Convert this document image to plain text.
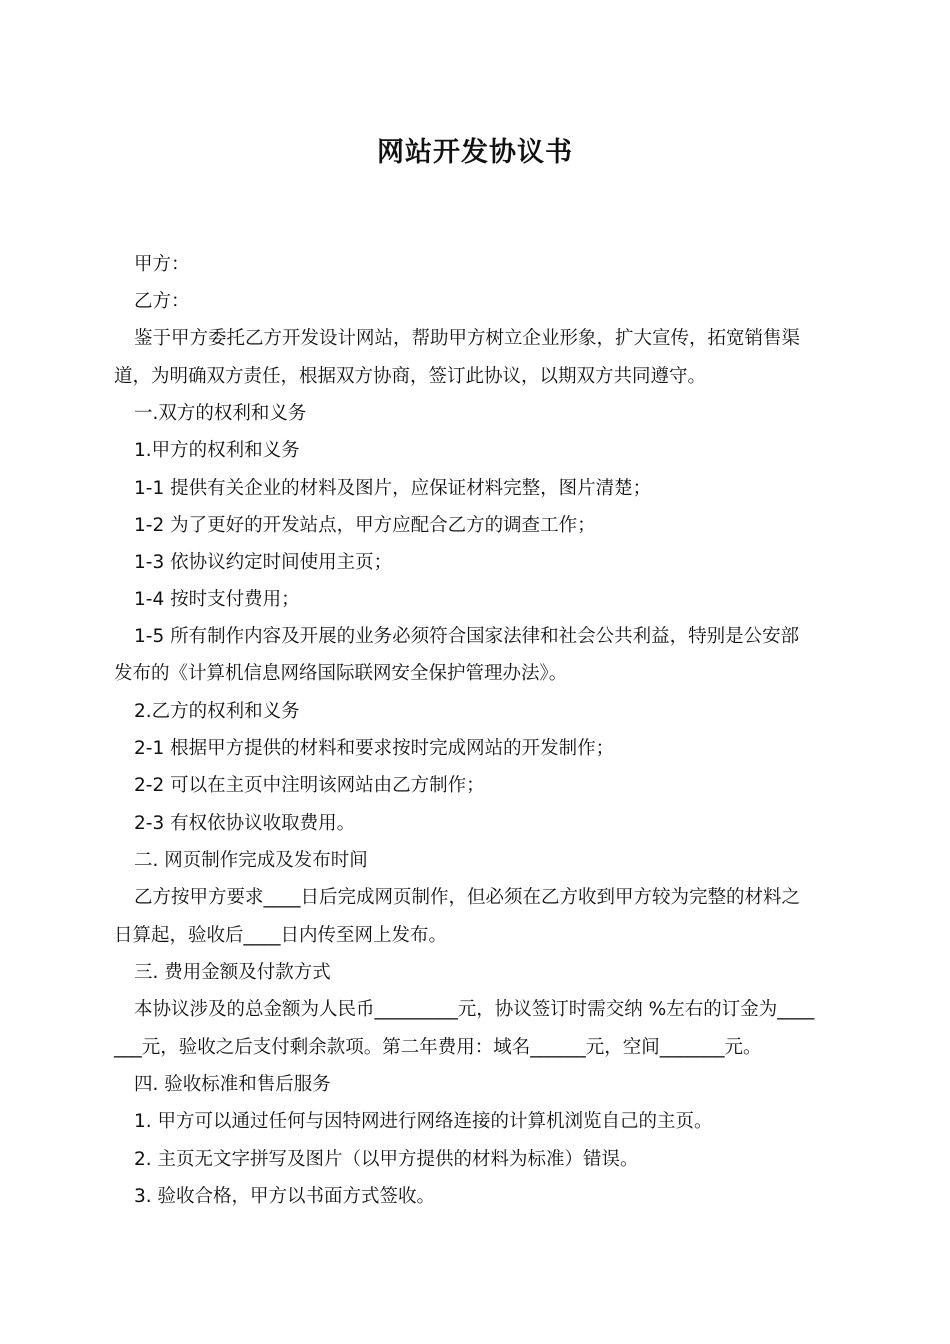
网站开发协议书
甲方：
乙方：
鉴于甲方委托乙方开发设计网站，帮助甲方树立企业形象，扩大宣传，拓宽销售渠
道，为明确双方责任，根据双方协商，签订此协议，以期双方共同遵守。
一.双方的权利和义务
1.甲方的权利和义务
1-1 提供有关企业的材料及图片，应保证材料完整，图片清楚；
1-2 为了更好的开发站点，甲方应配合乙方的调查工作；
1-3 依协议约定时间使用主页；
1-4 按时支付费用；
1-5 所有制作内容及开展的业务必须符合国家法律和社会公共利益，特别是公安部
发布的《计算机信息网络国际联网安全保护管理办法》。
2.乙方的权利和义务
2-1 根据甲方提供的材料和要求按时完成网站的开发制作；
2-2 可以在主页中注明该网站由乙方制作；
2-3 有权依协议收取费用。
二. 网页制作完成及发布时间
乙方按甲方要求____日后完成网页制作，但必须在乙方收到甲方较为完整的材料之
日算起，验收后____日内传至网上发布。
三. 费用金额及付款方式
本协议涉及的总金额为人民币_________元，协议签订时需交纳 %左右的订金为____
___元，验收之后支付剩余款项。第二年费用：域名______元，空间_______元。
四. 验收标准和售后服务
1. 甲方可以通过任何与因特网进行网络连接的计算机浏览自己的主页。
2. 主页无文字拼写及图片（以甲方提供的材料为标准）错误。
3. 验收合格，甲方以书面方式签收。
